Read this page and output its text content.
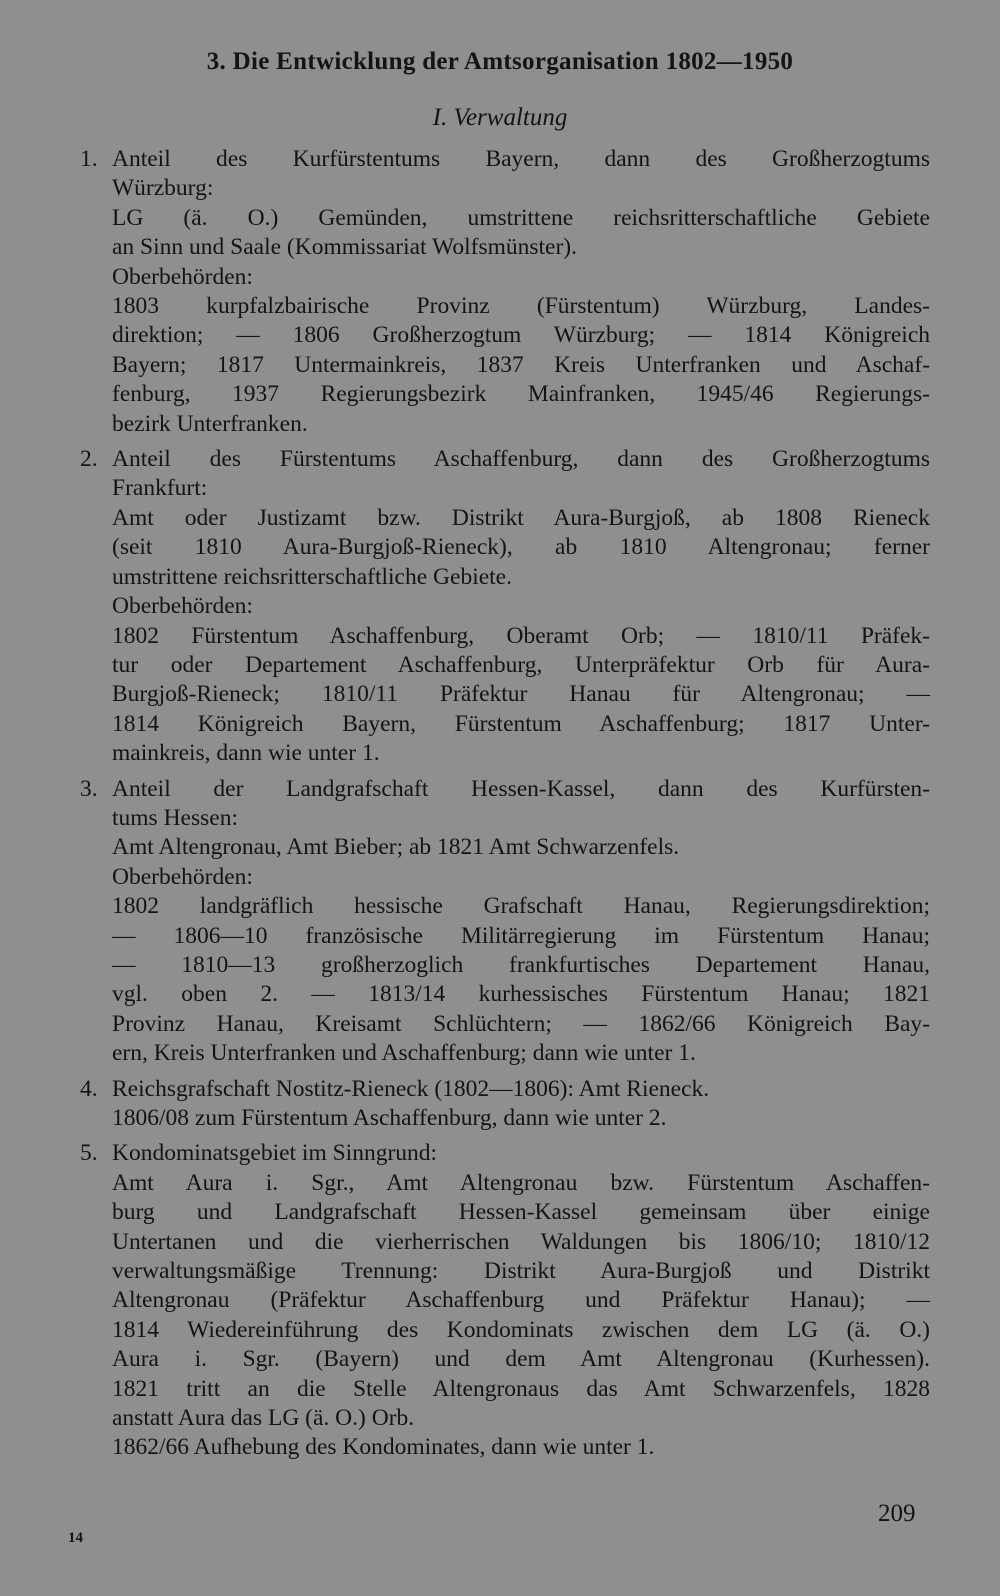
3. Die Entwicklung der Amtsorganisation 1802—1950
I. Verwaltung
1. Anteil des Kurfürstentums Bayern, dann des Großherzogtums
Würzburg:
LG (ä. O.) Gemünden, umstrittene reichsritterschaftliche Gebiete
an Sinn und Saale (Kommissariat Wolfsmünster).
Oberbehörden:
1803 kurpfalzbairische Provinz (Fürstentum) Würzburg, Landes-
direktion; — 1806 Großherzogtum Würzburg; — 1814 Königreich
Bayern; 1817 Untermainkreis, 1837 Kreis Unterfranken und Aschaf-
fenburg, 1937 Regierungsbezirk Mainfranken, 1945/46 Regierungs-
bezirk Unterfranken.
2. Anteil des Fürstentums Aschaffenburg, dann des Großherzogtums
Frankfurt:
Amt oder Justizamt bzw. Distrikt Aura-Burgjoß, ab 1808 Rieneck
(seit 1810 Aura-Burgjoß-Rieneck), ab 1810 Altengronau; ferner
umstrittene reichsritterschaftliche Gebiete.
Oberbehörden:
1802 Fürstentum Aschaffenburg, Oberamt Orb; — 1810/11 Präfek-
tur oder Departement Aschaffenburg, Unterpräfektur Orb für Aura-
Burgjoß-Rieneck; 1810/11 Präfektur Hanau für Altengronau; —
1814 Königreich Bayern, Fürstentum Aschaffenburg; 1817 Unter-
mainkreis, dann wie unter 1.
3. Anteil der Landgrafschaft Hessen-Kassel, dann des Kurfürsten-
tums Hessen:
Amt Altengronau, Amt Bieber; ab 1821 Amt Schwarzenfels.
Oberbehörden:
1802 landgräflich hessische Grafschaft Hanau, Regierungsdirektion;
— 1806—10 französische Militärregierung im Fürstentum Hanau;
— 1810—13 großherzoglich frankfurtisches Departement Hanau,
vgl. oben 2. — 1813/14 kurhessisches Fürstentum Hanau; 1821
Provinz Hanau, Kreisamt Schlüchtern; — 1862/66 Königreich Bay-
ern, Kreis Unterfranken und Aschaffenburg; dann wie unter 1.
4. Reichsgrafschaft Nostitz-Rieneck (1802—1806): Amt Rieneck.
1806/08 zum Fürstentum Aschaffenburg, dann wie unter 2.
5. Kondominatsgebiet im Sinngrund:
Amt Aura i. Sgr., Amt Altengronau bzw. Fürstentum Aschaffen-
burg und Landgrafschaft Hessen-Kassel gemeinsam über einige
Untertanen und die vierherrischen Waldungen bis 1806/10; 1810/12
verwaltungsmäßige Trennung: Distrikt Aura-Burgjoß und Distrikt
Altengronau (Präfektur Aschaffenburg und Präfektur Hanau); —
1814 Wiedereinführung des Kondominats zwischen dem LG (ä. O.)
Aura i. Sgr. (Bayern) und dem Amt Altengronau (Kurhessen).
1821 tritt an die Stelle Altengronaus das Amt Schwarzenfels, 1828
anstatt Aura das LG (ä. O.) Orb.
1862/66 Aufhebung des Kondominates, dann wie unter 1.
14
209
